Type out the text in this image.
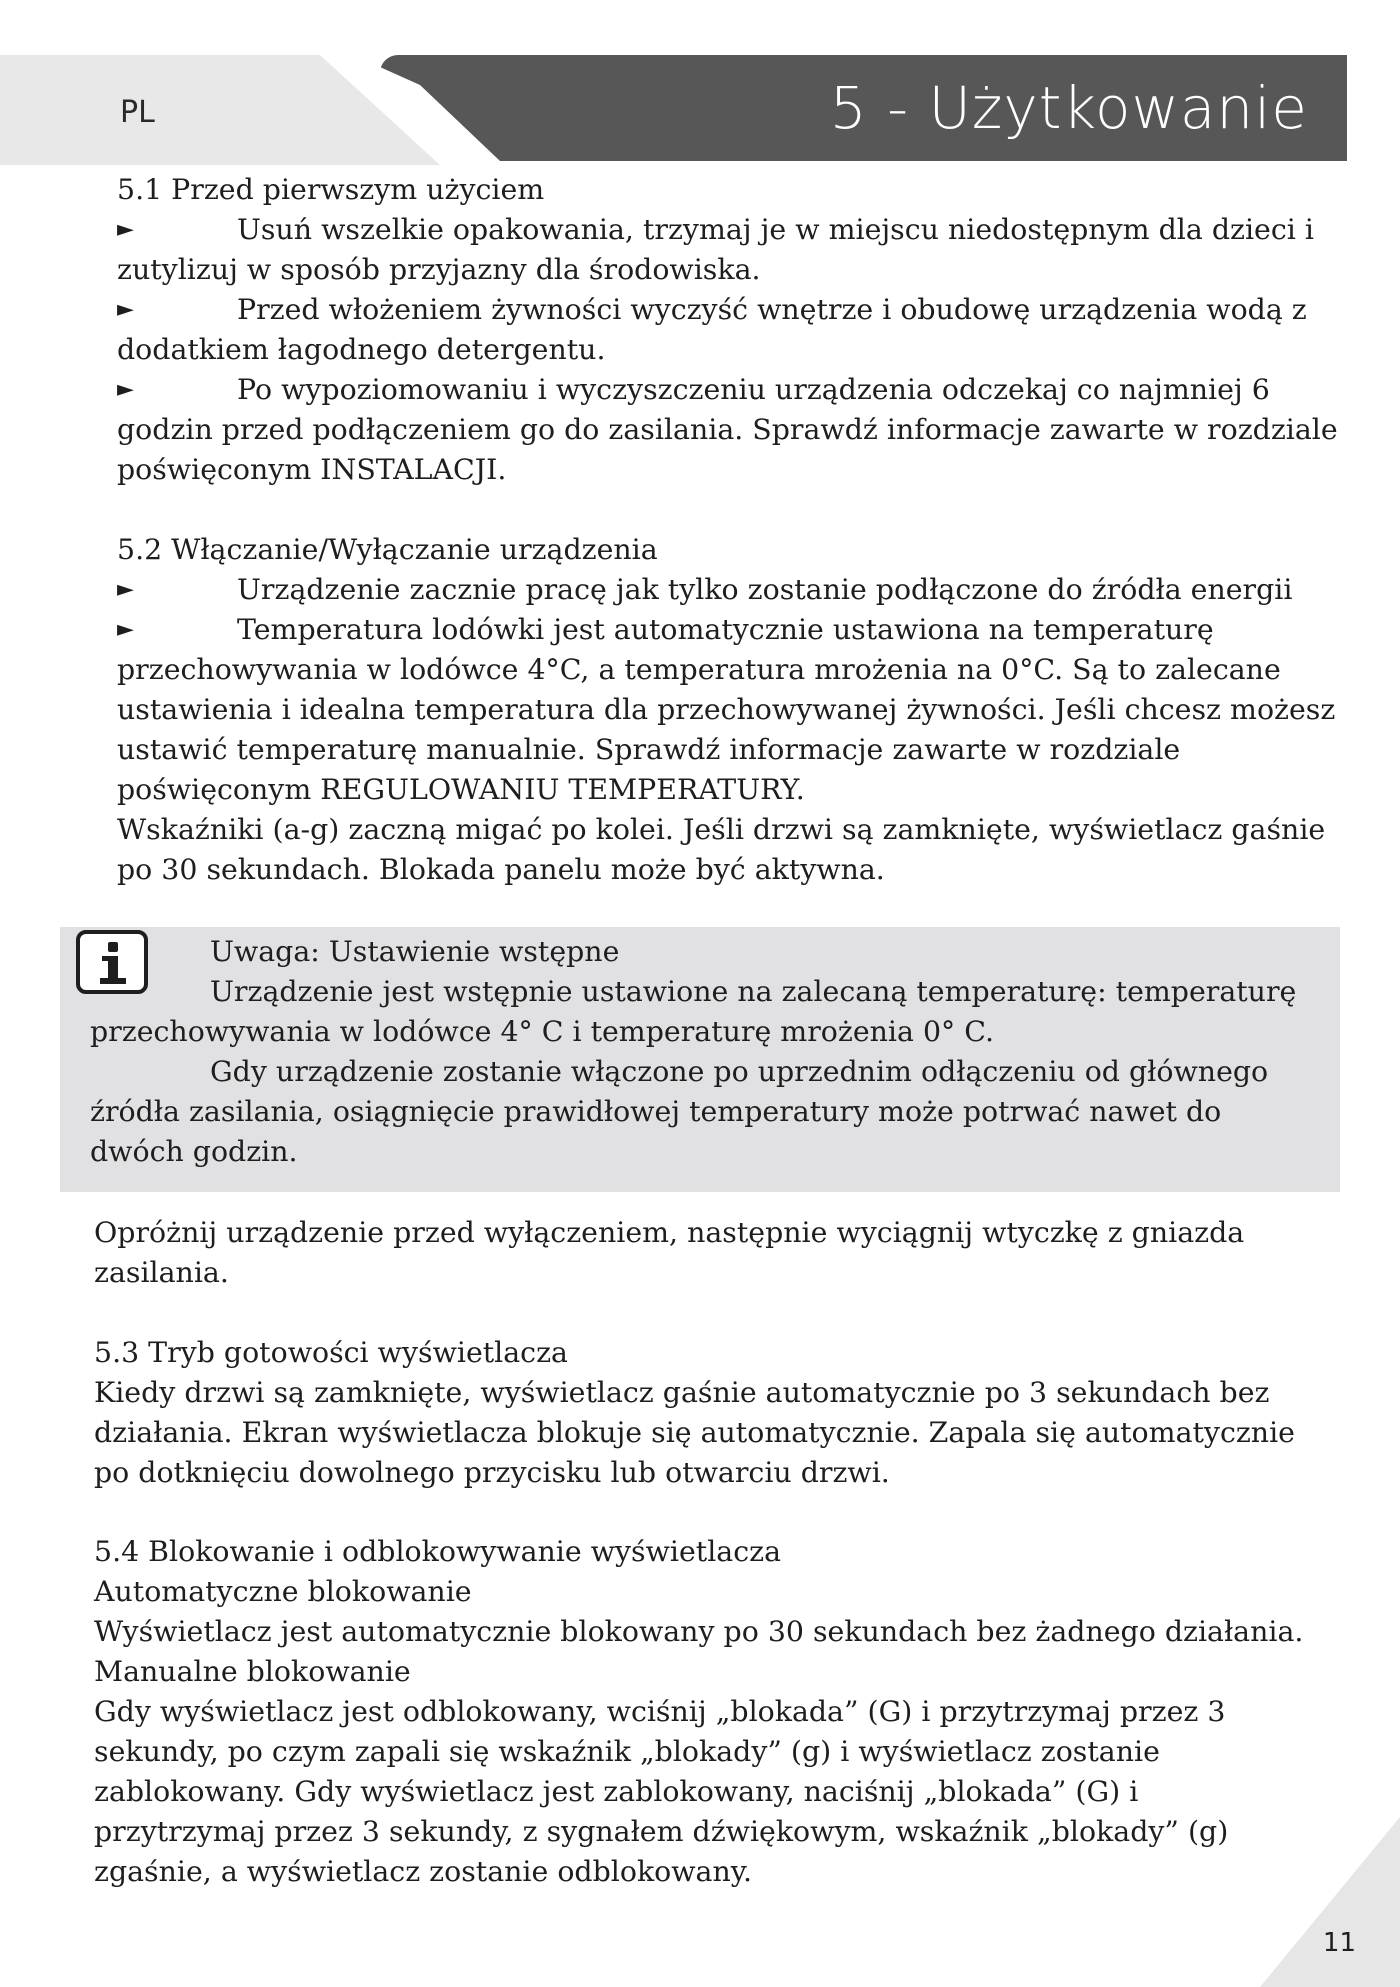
PL	5 - Użytkowanie
5.1 Przed pierwszym użyciem
►	Usuń wszelkie opakowania, trzymaj je w miejscu niedostępnym dla dzieci i
zutylizuj w sposób przyjazny dla środowiska.
►	Przed włożeniem żywności wyczyść wnętrze i obudowę urządzenia wodą z
dodatkiem łagodnego detergentu.
►	Po wypoziomowaniu i wyczyszczeniu urządzenia odczekaj co najmniej 6
godzin przed podłączeniem go do zasilania. Sprawdź informacje zawarte w rozdziale
poświęconym INSTALACJI.
5.2 Włączanie/Wyłączanie urządzenia
►	Urządzenie zacznie pracę jak tylko zostanie podłączone do źródła energii
►	Temperatura lodówki jest automatycznie ustawiona na temperaturę
przechowywania w lodówce 4°C, a temperatura mrożenia na 0°C. Są to zalecane
ustawienia i idealna temperatura dla przechowywanej żywności. Jeśli chcesz możesz
ustawić temperaturę manualnie. Sprawdź informacje zawarte w rozdziale
poświęconym REGULOWANIU TEMPERATURY.
Wskaźniki (a-g) zaczną migać po kolei. Jeśli drzwi są zamknięte, wyświetlacz gaśnie
po 30 sekundach. Blokada panelu może być aktywna.
Uwaga: Ustawienie wstępne
Urządzenie jest wstępnie ustawione na zalecaną temperaturę: temperaturę
przechowywania w lodówce 4° C i temperaturę mrożenia 0° C.
Gdy urządzenie zostanie włączone po uprzednim odłączeniu od głównego
źródła zasilania, osiągnięcie prawidłowej temperatury może potrwać nawet do
dwóch godzin.
Opróżnij urządzenie przed wyłączeniem, następnie wyciągnij wtyczkę z gniazda
zasilania.
5.3 Tryb gotowości wyświetlacza
Kiedy drzwi są zamknięte, wyświetlacz gaśnie automatycznie po 3 sekundach bez
działania. Ekran wyświetlacza blokuje się automatycznie. Zapala się automatycznie
po dotknięciu dowolnego przycisku lub otwarciu drzwi.
5.4 Blokowanie i odblokowywanie wyświetlacza
Automatyczne blokowanie
Wyświetlacz jest automatycznie blokowany po 30 sekundach bez żadnego działania.
Manualne blokowanie
Gdy wyświetlacz jest odblokowany, wciśnij „blokada” (G) i przytrzymaj przez 3
sekundy, po czym zapali się wskaźnik „blokady” (g) i wyświetlacz zostanie
zablokowany. Gdy wyświetlacz jest zablokowany, naciśnij „blokada” (G) i
przytrzymaj przez 3 sekundy, z sygnałem dźwiękowym, wskaźnik „blokady” (g)
zgaśnie, a wyświetlacz zostanie odblokowany.
11
